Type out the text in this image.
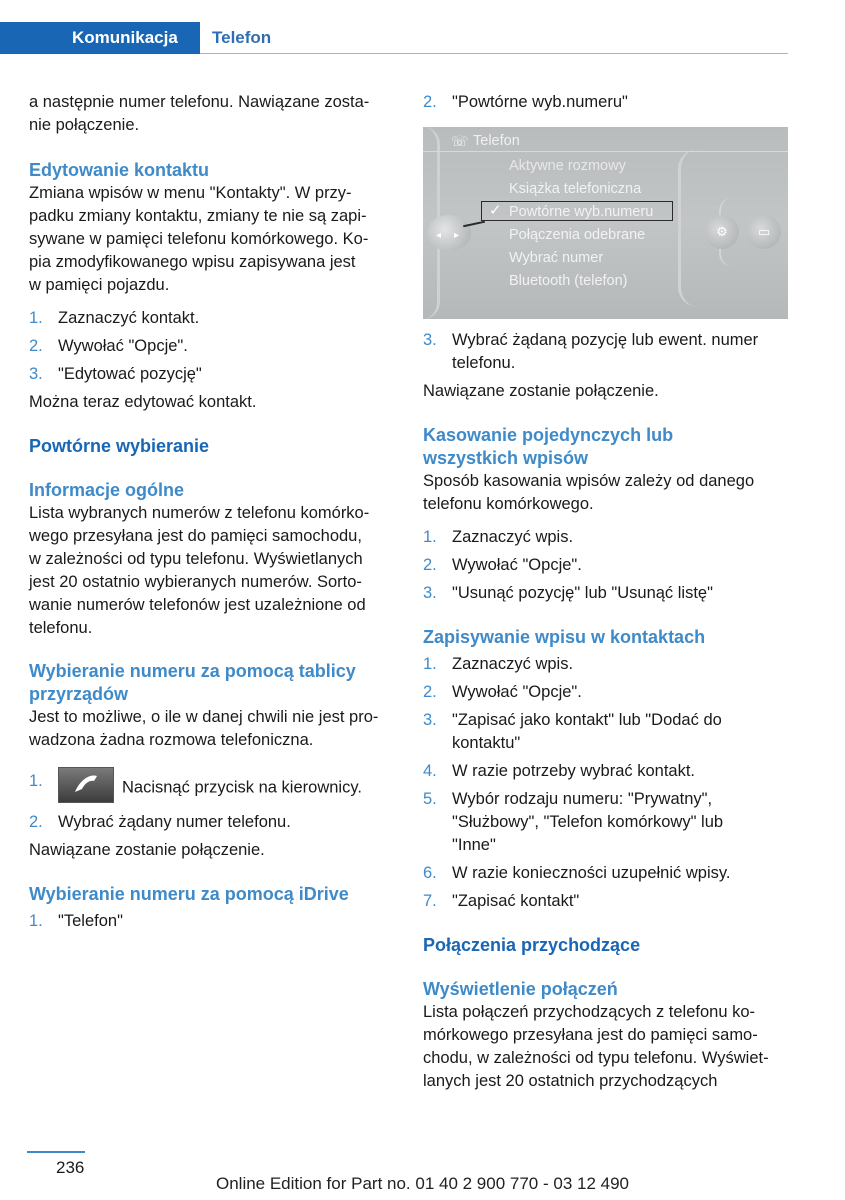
Komunikacja Telefon

a następnie numer telefonu. Nawiązane zosta-
nie połączenie.

Edytowanie kontaktu

Zmiana wpisów w menu "Kontakty". W przy-
padku zmiany kontaktu, zmiany te nie są zapi-
sywane w pamięci telefonu komórkowego. Ko-
pia zmodyfikowanego wpisu zapisywana jest
w pamięci pojazdu.

1. Zaznaczyć kontakt.

2. Wywołać "Opcje".

3. "Edytować pozycję"

Można teraz edytować kontakt.

Powtórne wybieranie

Informacje ogólne

Lista wybranych numerów z telefonu komórko-
wego przesyłana jest do pamięci samochodu,
w zależności od typu telefonu. Wyświetlanych
jest 20 ostatnio wybieranych numerów. Sorto-
wanie numerów telefonów jest uzależnione od
telefonu.

Wybieranie numeru za pomocą tablicy
przyrządów

Jest to możliwe, o ile w danej chwili nie jest pro-
wadzona żadna rozmowa telefoniczna.

1.	Nacisnąć przycisk na kierownicy.

2. Wybrać żądany numer telefonu.

Nawiązane zostanie połączenie.

Wybieranie numeru za pomocą iDrive

1. "Telefon"

2. "Powtórne wyb.numeru"

☏ Telefon
Aktywne rozmowy
Książka telefoniczna
Powtórne wyb.numeru
Połączenia odebrane
Wybrać numer
Bluetooth (telefon)
✓
◂ ▸	⚙	▭

3. Wybrać żądaną pozycję lub ewent. numer
telefonu.

Nawiązane zostanie połączenie.

Kasowanie pojedynczych lub
wszystkich wpisów

Sposób kasowania wpisów zależy od danego
telefonu komórkowego.

1. Zaznaczyć wpis.

2. Wywołać "Opcje".

3. "Usunąć pozycję" lub "Usunąć listę"

Zapisywanie wpisu w kontaktach

1. Zaznaczyć wpis.

2. Wywołać "Opcje".

3. "Zapisać jako kontakt" lub "Dodać do
kontaktu"

4. W razie potrzeby wybrać kontakt.

5. Wybór rodzaju numeru: "Prywatny",
"Służbowy", "Telefon komórkowy" lub
"Inne"

6. W razie konieczności uzupełnić wpisy.

7. "Zapisać kontakt"

Połączenia przychodzące

Wyświetlenie połączeń

Lista połączeń przychodzących z telefonu ko-
mórkowego przesyłana jest do pamięci samo-
chodu, w zależności od typu telefonu. Wyświet-
lanych jest 20 ostatnich przychodzących

236
Online Edition for Part no. 01 40 2 900 770 - 03 12 490
